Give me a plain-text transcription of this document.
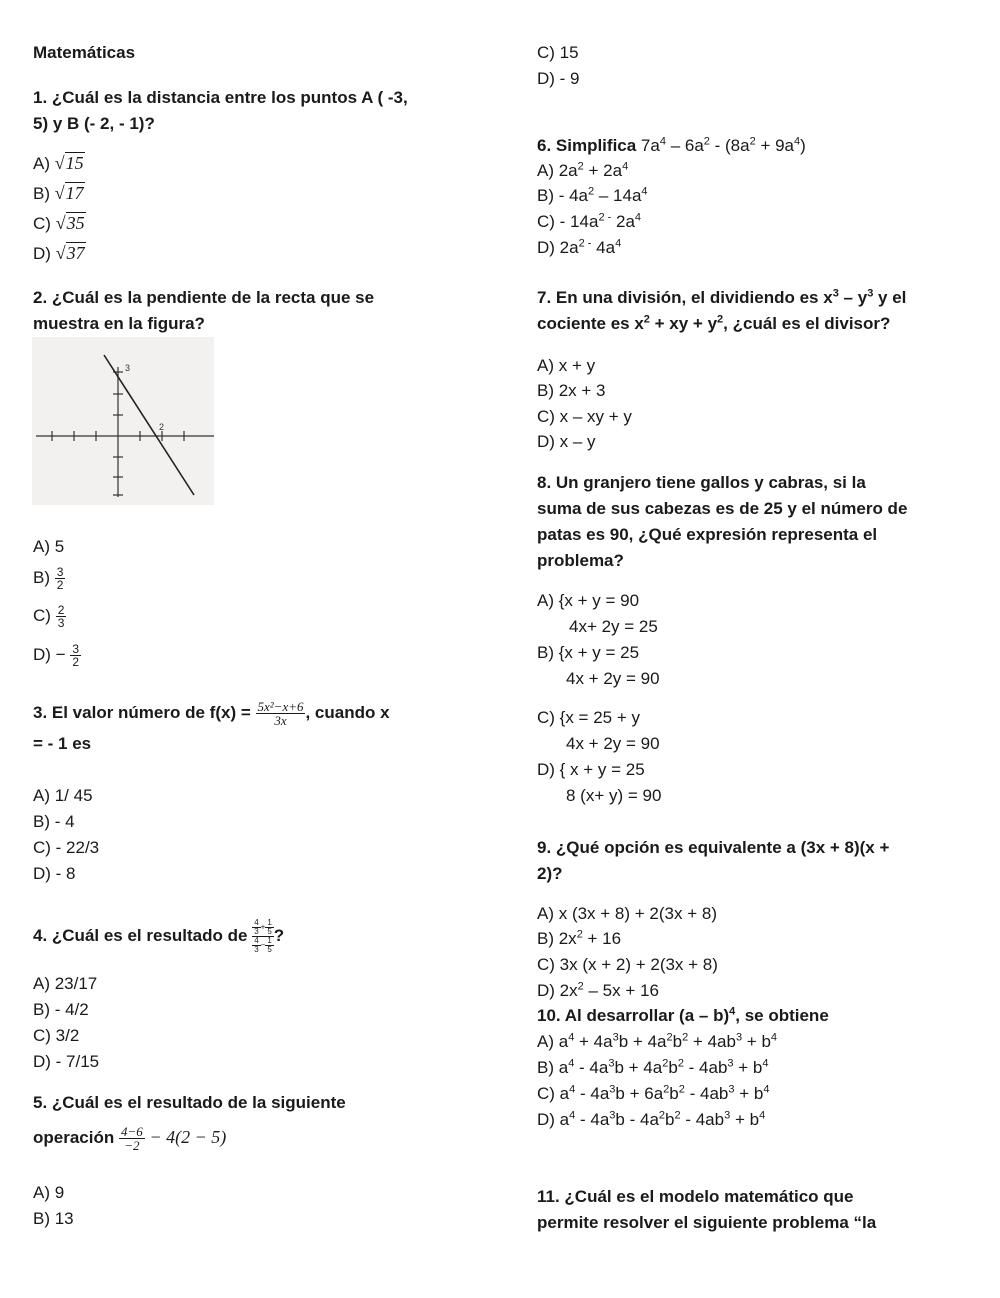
Matemáticas
1. ¿Cuál es la distancia entre los puntos A ( -3,
5) y B (- 2, - 1)?
A) √15
B) √17
C) √35
D) √37
2. ¿Cuál es la pendiente de la recta que se
muestra en la figura?
3
2
A) 5
$B) \frac{3}{2}$
$C) \frac{2}{3}$
$D) - \frac{3}{2}$
3. El valor número de $f(x) = \frac{\text{5x²−x+6}}{3x}$ , cuando x
= - 1 es
A) 1/ 45
B) - 4
C) - 22/3
D) - 8
4. ¿Cuál es el resultado de $\frac{\frac{4}{3} + \frac{1}{5}}{\frac{4}{3} - \frac{1}{5}}$ ?
A) 23/17
B) - 4/2
C) 3/2
D) - 7/15
5. ¿Cuál es el resultado de la siguiente
operación $\frac{4-6}{-2} - 4(2 - 5)$
A) 9
B) 13
C) 15
D) - 9
6. Simplifica $7a^4 - 6a^2 - (8a^2 + 9a^4)$
A) $2a^2 + 2a^4$
$B) - 4a^2 - 14a^4$
$C) - 14a^{2 -}$ $2a^4$
D) $2a^{2 -}$ $4a^4$
7. En una división, el dividiendo es $x^3 - y^3$ y el
cociente es $x^2$ + xy + $y^2$, ¿cuál es el divisor?
A) x + y
B) 2x + 3
C) x – xy + y
D) x – y
8. Un granjero tiene gallos y cabras, si la
suma de sus cabezas es de 25 y el número de
patas es 90, ¿Qué expresión representa el
problema?
A) {x + y = 90
4x+ 2y = 25
B) {x + y = 25
4x + 2y = 90
C) {x = 25 + y
4x + 2y = 90
D) { x + y = 25
8 (x+ y) = 90
9. ¿Qué opción es equivalente a (3x + 8)(x +
2)?
A) x (3x + 8) + 2(3x + 8)
B) $2x^2 + 16$
C) 3x (x + 2) + 2(3x + 8)
D) $2x^2 - 5x + 16$
10. Al desarrollar (a – b)$^4$, se obtiene
A) $a^4 + 4a^3b + 4a^2b^2 + 4ab^3 + b^4$
B) $a^4 - 4a^3b + 4a^2b^2 - 4ab^3 + b^4$
C) $a^4 - 4a^3b + 6a^2b^2 - 4ab^3 + b^4$
D) $a^4 - 4a^3b - 4a^2b^2 - 4ab^3 + b^4$
11. ¿Cuál es el modelo matemático que
permite resolver el siguiente problema “la
